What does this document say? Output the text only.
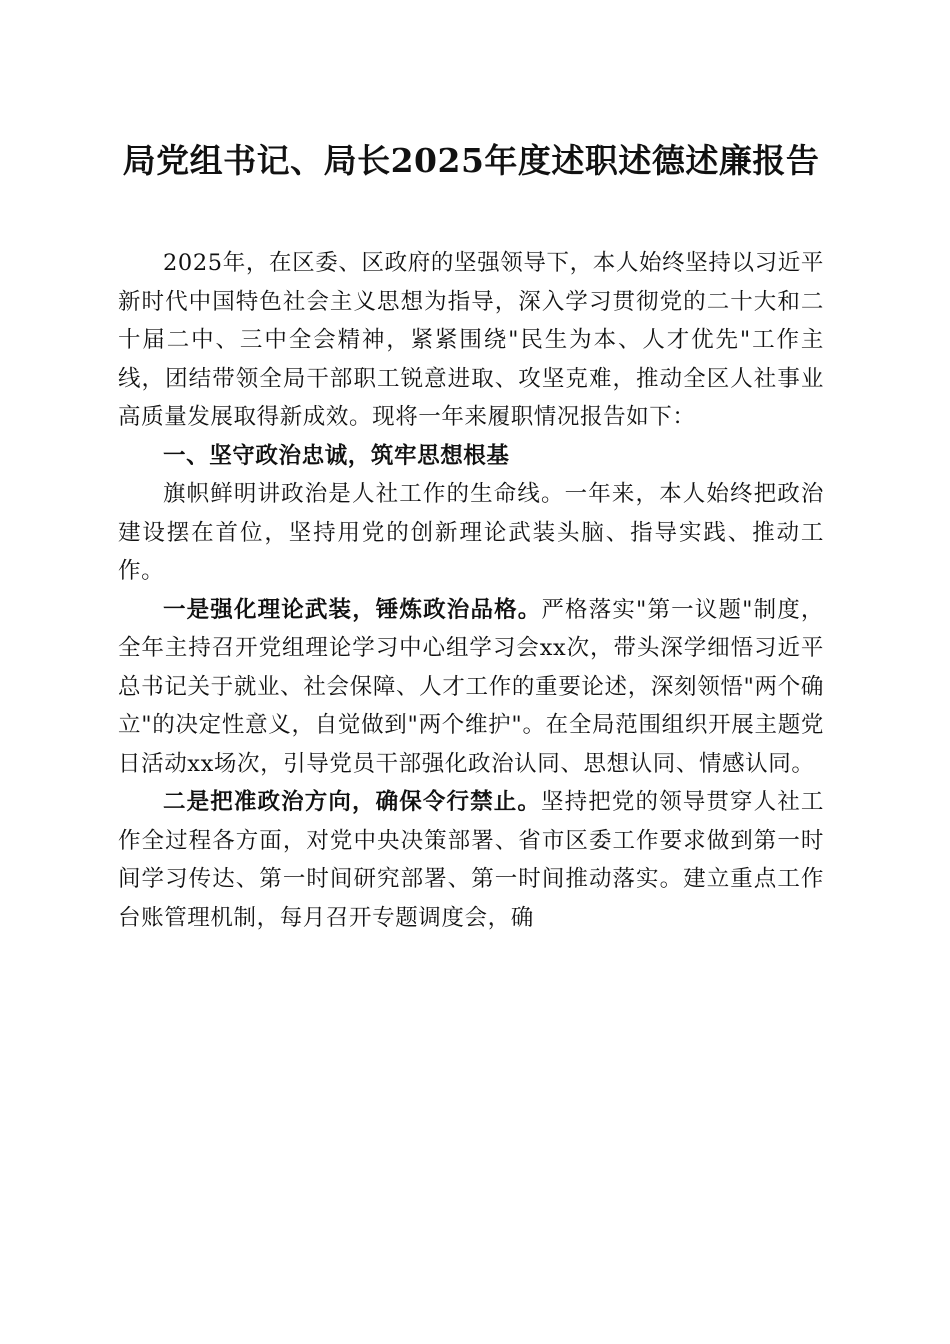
局党组书记、局长2025年度述职述德述廉报告

2025年，在区委、区政府的坚强领导下，本人始终坚持以习近平新时代中国特色社会主义思想为指导，深入学习贯彻党的二十大和二十届二中、三中全会精神，紧紧围绕"民生为本、人才优先"工作主线，团结带领全局干部职工锐意进取、攻坚克难，推动全区人社事业高质量发展取得新成效。现将一年来履职情况报告如下：

一、坚守政治忠诚，筑牢思想根基

旗帜鲜明讲政治是人社工作的生命线。一年来，本人始终把政治建设摆在首位，坚持用党的创新理论武装头脑、指导实践、推动工作。

一是强化理论武装，锤炼政治品格。严格落实"第一议题"制度，全年主持召开党组理论学习中心组学习会xx次，带头深学细悟习近平总书记关于就业、社会保障、人才工作的重要论述，深刻领悟"两个确立"的决定性意义，自觉做到"两个维护"。在全局范围组织开展主题党日活动xx场次，引导党员干部强化政治认同、思想认同、情感认同。

二是把准政治方向，确保令行禁止。坚持把党的领导贯穿人社工作全过程各方面，对党中央决策部署、省市区委工作要求做到第一时间学习传达、第一时间研究部署、第一时间推动落实。建立重点工作台账管理机制，每月召开专题调度会，确
